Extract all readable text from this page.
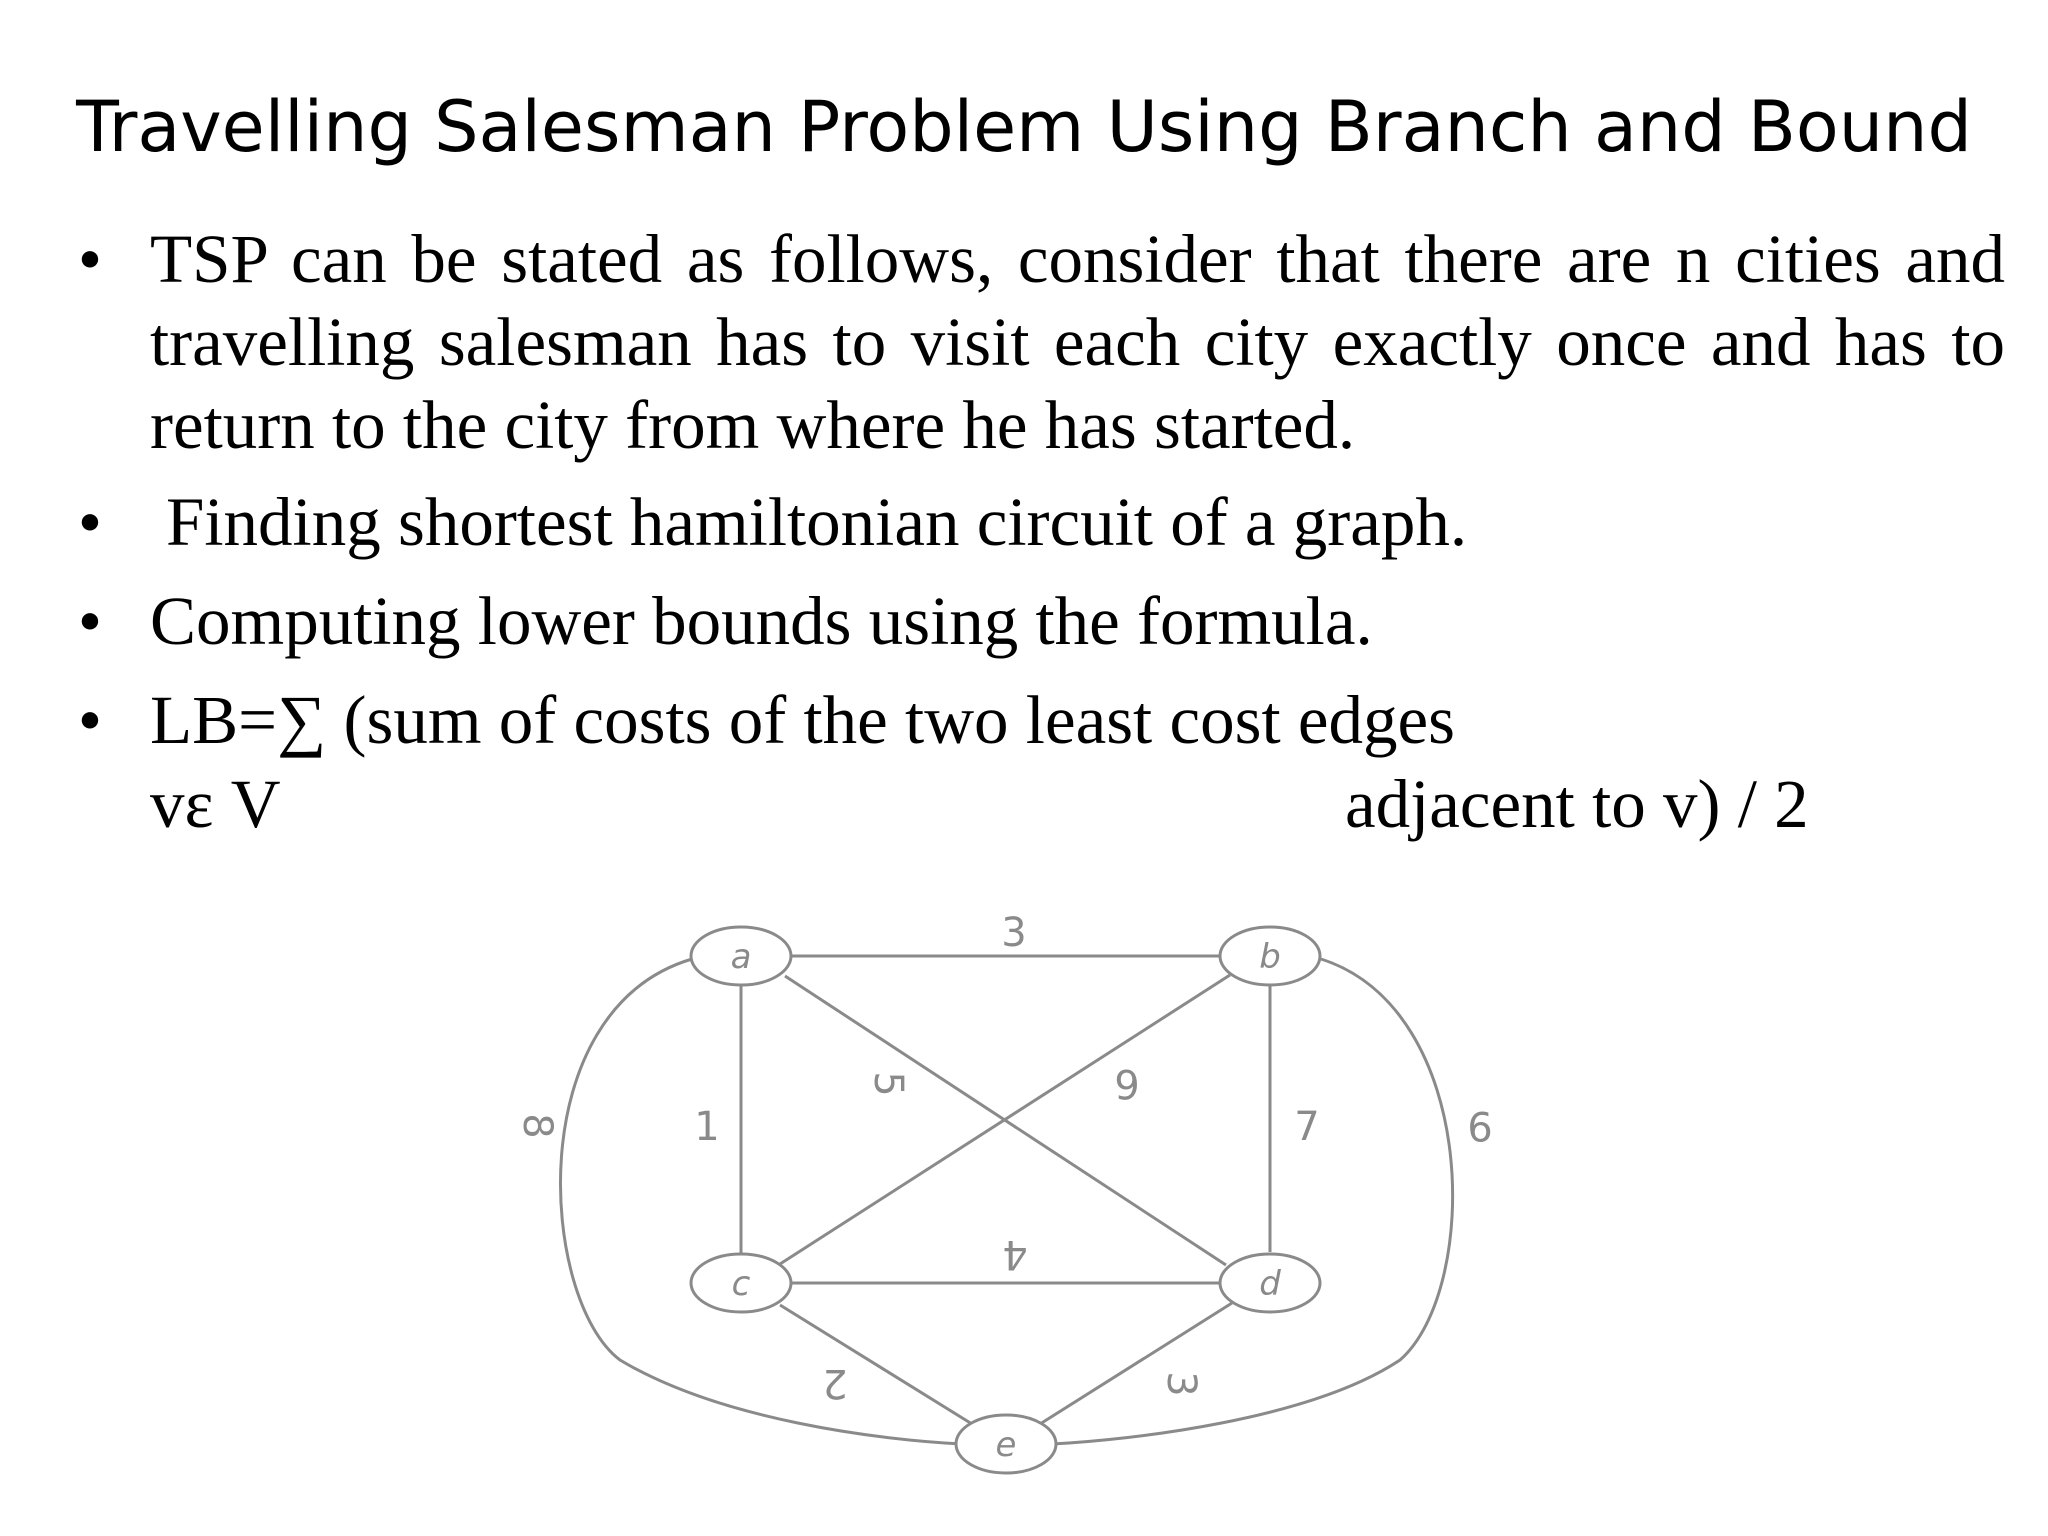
Travelling Salesman Problem Using Branch and Bound
• TSP can be stated as follows, consider that there are n cities and travelling salesman has to visit each city exactly once and has to return to the city from where he has started.
• Finding shortest hamiltonian circuit of a graph.
• Computing lower bounds using the formula.
• LB=∑ (sum of costs of the two least cost edges
vε V	adjacent to v) / 2
a	b
c	d
e
3
1
5	6
7
4
2	3
8	9
